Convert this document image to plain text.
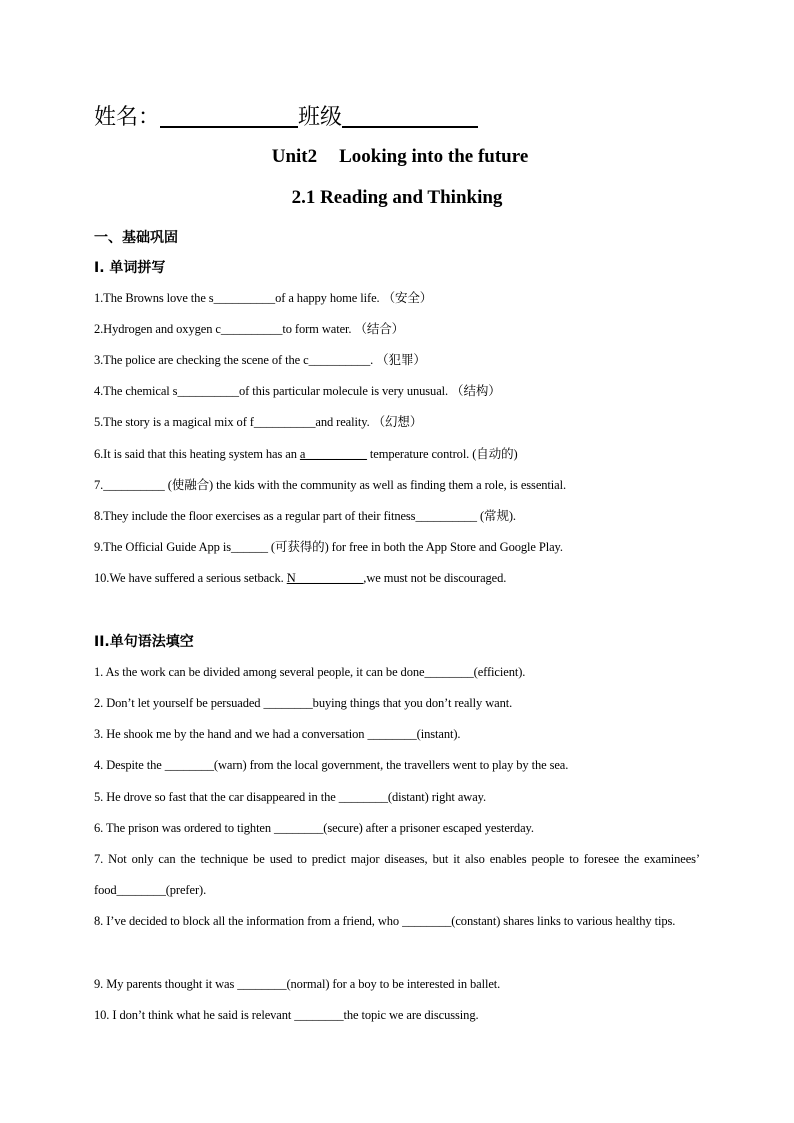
姓名：	班级
Unit2 Looking into the future
2.1 Reading and Thinking
一、基础巩固
I. 单词拼写
1.The Browns love the s__________of a happy home life. （安全）
2.Hydrogen and oxygen c__________to form water. （结合）
3.The police are checking the scene of the c__________. （犯罪）
4.The chemical s__________of this particular molecule is very unusual. （结构）
5.The story is a magical mix of f__________and reality. （幻想）
6.It is said that this heating system has an a__________ temperature control. (自动的)
7.__________ (使融合) the kids with the community as well as finding them a role, is essential.
8.They include the floor exercises as a regular part of their fitness__________ (常规).
9.The Official Guide App is______ (可获得的) for free in both the App Store and Google Play.
10.We have suffered a serious setback. N___________,we must not be discouraged.
II.单句语法填空
1. As the work can be divided among several people, it can be done________(efficient).
2. Don’t let yourself be persuaded ________buying things that you don’t really want.
3. He shook me by the hand and we had a conversation ________(instant).
4. Despite the ________(warn) from the local government, the travellers went to play by the sea.
5. He drove so fast that the car disappeared in the ________(distant) right away.
6. The prison was ordered to tighten ________(secure) after a prisoner escaped yesterday.
7. Not only can the technique be used to predict major diseases, but it also enables people to foresee the examinees’ food________(prefer).
8. I’ve decided to block all the information from a friend, who ________(constant) shares links to various healthy tips.
9. My parents thought it was ________(normal) for a boy to be interested in ballet.
10. I don’t think what he said is relevant ________the topic we are discussing.
